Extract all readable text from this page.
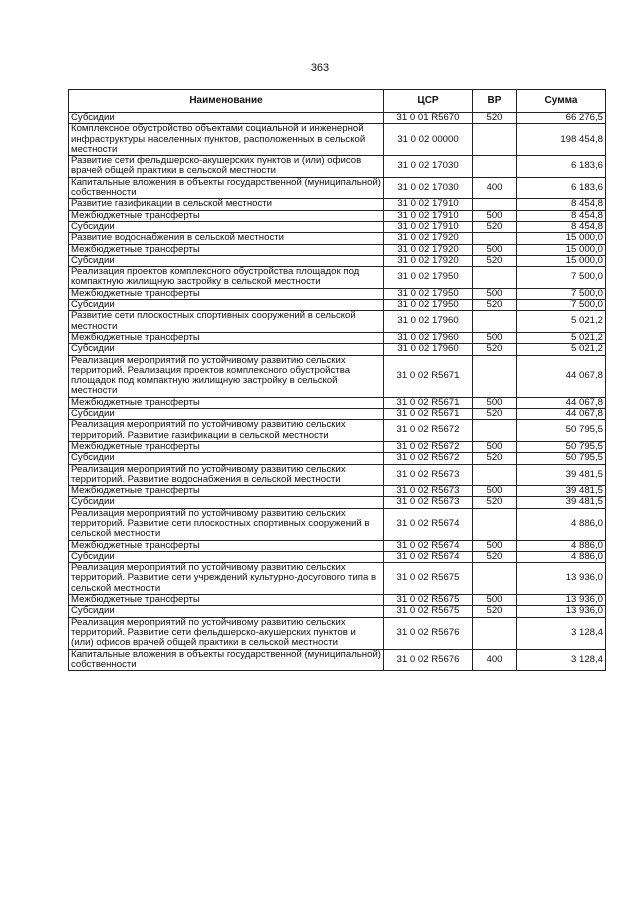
363
Наименование	ЦСР	ВР	Сумма
Субсидии	31 0 01 R5670	520	66 276,5
Комплексное обустройство объектами социальной и инженерной инфраструктуры населенных пунктов, расположенных в сельской местности	31 0 02 00000		198 454,8
Развитие сети фельдшерско-акушерских пунктов и (или) офисов врачей общей практики в сельской местности	31 0 02 17030		6 183,6
Капитальные вложения в объекты государственной (муниципальной) собственности	31 0 02 17030	400	6 183,6
Развитие газификации в сельской местности	31 0 02 17910		8 454,8
Межбюджетные трансферты	31 0 02 17910	500	8 454,8
Субсидии	31 0 02 17910	520	8 454,8
Развитие водоснабжения в сельской местности	31 0 02 17920		15 000,0
Межбюджетные трансферты	31 0 02 17920	500	15 000,0
Субсидии	31 0 02 17920	520	15 000,0
Реализация проектов комплексного обустройства площадок под компактную жилищную застройку в сельской местности	31 0 02 17950		7 500,0
Межбюджетные трансферты	31 0 02 17950	500	7 500,0
Субсидии	31 0 02 17950	520	7 500,0
Развитие сети плоскостных спортивных сооружений в сельской местности	31 0 02 17960		5 021,2
Межбюджетные трансферты	31 0 02 17960	500	5 021,2
Субсидии	31 0 02 17960	520	5 021,2
Реализация мероприятий по устойчивому развитию сельских территорий. Реализация проектов комплексного обустройства площадок под компактную жилищную застройку в сельской местности	31 0 02 R5671		44 067,8
Межбюджетные трансферты	31 0 02 R5671	500	44 067,8
Субсидии	31 0 02 R5671	520	44 067,8
Реализация мероприятий по устойчивому развитию сельских территорий. Развитие газификации в сельской местности	31 0 02 R5672		50 795,5
Межбюджетные трансферты	31 0 02 R5672	500	50 795,5
Субсидии	31 0 02 R5672	520	50 795,5
Реализация мероприятий по устойчивому развитию сельских территорий. Развитие водоснабжения в сельской местности	31 0 02 R5673		39 481,5
Межбюджетные трансферты	31 0 02 R5673	500	39 481,5
Субсидии	31 0 02 R5673	520	39 481,5
Реализация мероприятий по устойчивому развитию сельских территорий. Развитие сети плоскостных спортивных сооружений в сельской местности	31 0 02 R5674		4 886,0
Межбюджетные трансферты	31 0 02 R5674	500	4 886,0
Субсидии	31 0 02 R5674	520	4 886,0
Реализация мероприятий по устойчивому развитию сельских территорий. Развитие сети учреждений культурно-досугового типа в сельской местности	31 0 02 R5675		13 936,0
Межбюджетные трансферты	31 0 02 R5675	500	13 936,0
Субсидии	31 0 02 R5675	520	13 936,0
Реализация мероприятий по устойчивому развитию сельских территорий. Развитие сети фельдшерско-акушерских пунктов и (или) офисов врачей общей практики в сельской местности	31 0 02 R5676		3 128,4
Капитальные вложения в объекты государственной (муниципальной) собственности	31 0 02 R5676	400	3 128,4
